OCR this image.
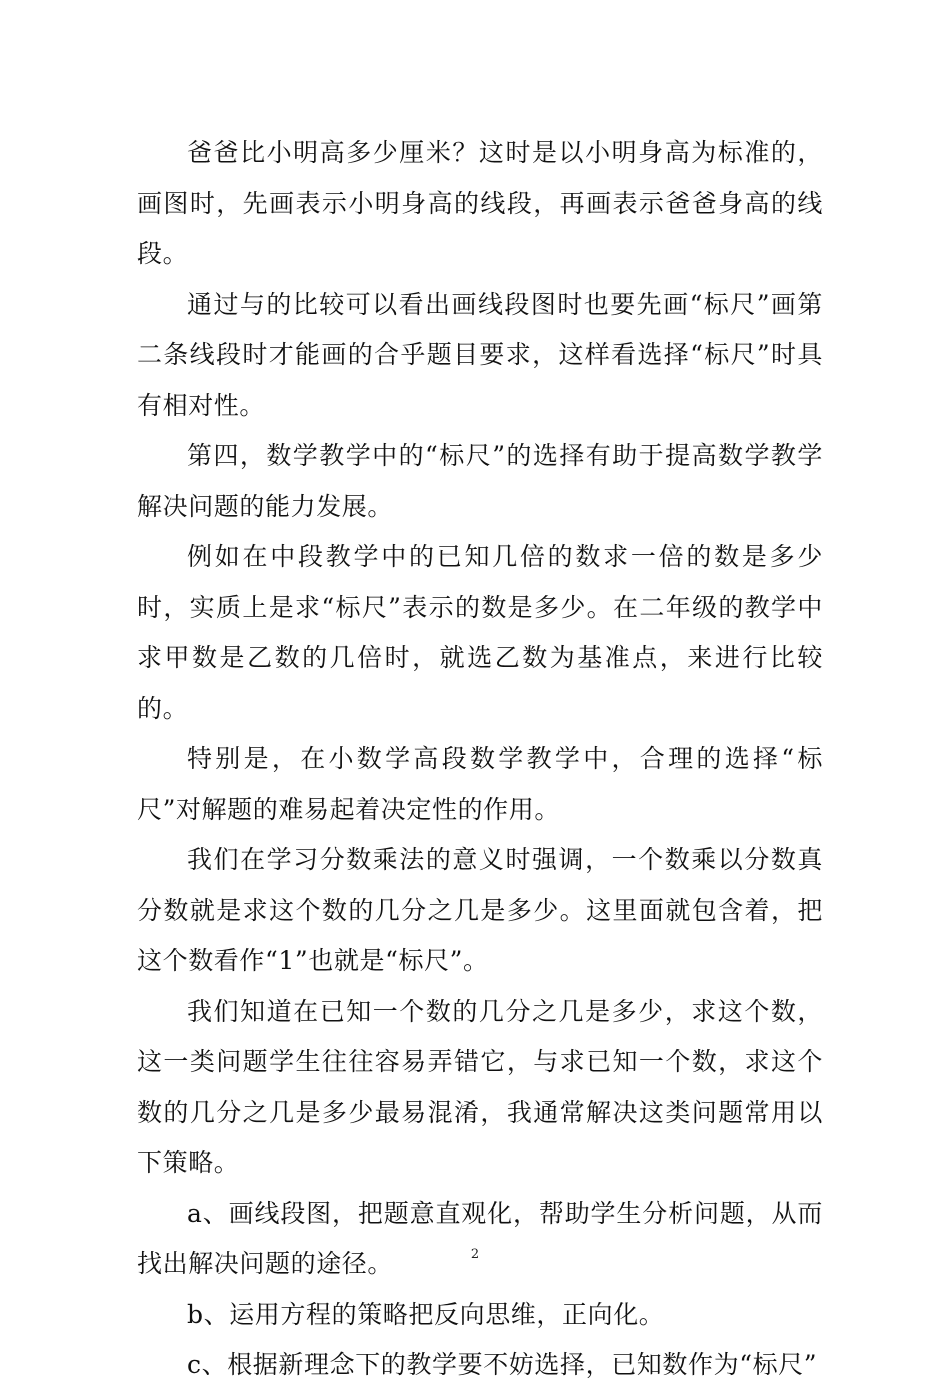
爸爸比小明高多少厘米？这时是以小明身高为标准的，画图时，先画表示小明身高的线段，再画表示爸爸身高的线段。

通过与的比较可以看出画线段图时也要先画“标尺”画第二条线段时才能画的合乎题目要求，这样看选择“标尺”时具有相对性。

第四，数学教学中的“标尺”的选择有助于提高数学教学解决问题的能力发展。

例如在中段教学中的已知几倍的数求一倍的数是多少时，实质上是求“标尺”表示的数是多少。在二年级的教学中求甲数是乙数的几倍时，就选乙数为基准点，来进行比较的。

特别是，在小数学高段数学教学中，合理的选择“标尺”对解题的难易起着决定性的作用。

我们在学习分数乘法的意义时强调，一个数乘以分数真分数就是求这个数的几分之几是多少。这里面就包含着，把这个数看作“1”也就是“标尺”。

我们知道在已知一个数的几分之几是多少，求这个数，这一类问题学生往往容易弄错它，与求已知一个数，求这个数的几分之几是多少最易混淆，我通常解决这类问题常用以下策略。

a、画线段图，把题意直观化，帮助学生分析问题，从而找出解决问题的途径。

b、运用方程的策略把反向思维，正向化。

c、根据新理念下的教学要不妨选择，已知数作为“标尺”

2
